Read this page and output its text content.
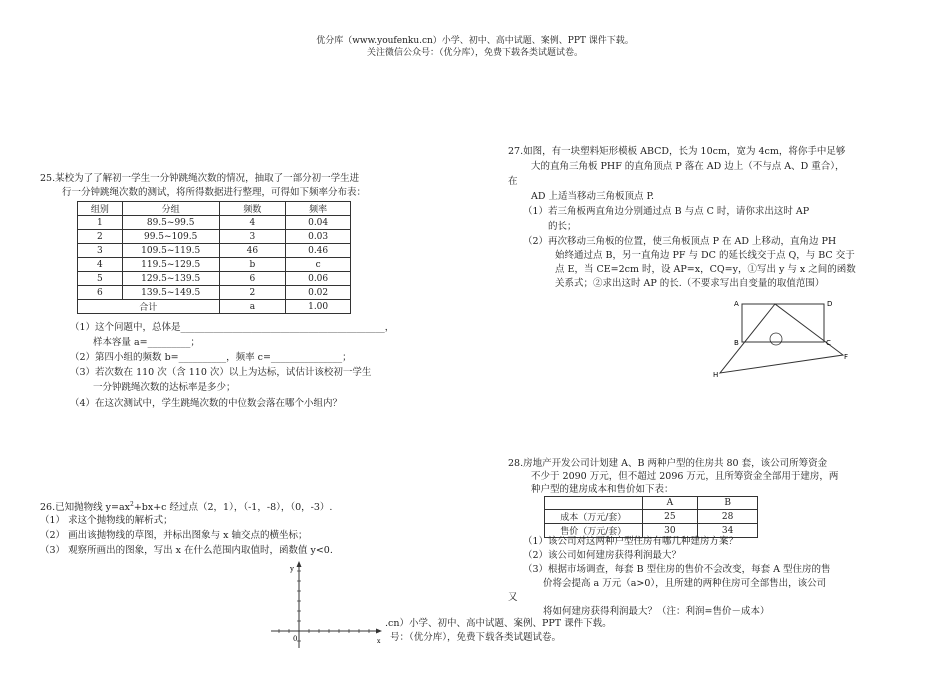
优分库（www.youfenku.cn）小学、初中、高中试题、案例、PPT 课件下载。
关注微信公众号：（优分库），免费下载各类试题试卷。
25.某校为了了解初一学生一分钟跳绳次数的情况，抽取了一部分初一学生进
行一分钟跳绳次数的测试，将所得数据进行整理，可得如下频率分布表：
组别	分组	频数	频率
1	89.5~99.5	4	0.04
2	99.5~109.5	3	0.03
3	109.5~119.5	46	0.46
4	119.5~129.5	b	c
5	129.5~139.5	6	0.06
6	139.5~149.5	2	0.02
合计		a	1.00
（1）这个问题中，总体是___________________________________________，
样本容量 a=_________；
（2）第四小组的频数 b=__________，频率 c=_______________；
（3）若次数在 110 次（含 110 次）以上为达标，试估计该校初一学生
一分钟跳绳次数的达标率是多少；
（4）在这次测试中，学生跳绳次数的中位数会落在哪个小组内？
26.已知抛物线 $y=ax^2+bx+c$ 经过点（2，1），（-1，-8），（0，-3）.
（1） 求这个抛物线的解析式；
（2） 画出该抛物线的草图，并标出图象与 x 轴交点的横坐标；
（3） 观察所画出的图象，写出 x 在什么范围内取值时，函数值 y<0.
y
x
0
.cn）小学、初中、高中试题、案例、PPT 课件下载。
号：（优分库），免费下载各类试题试卷。
27.如图，有一块塑料矩形模板 ABCD，长为 10cm，宽为 4cm，将你手中足够
大的直角三角板 PHF 的直角顶点 P 落在 AD 边上（不与点 A、D 重合），
在
AD 上适当移动三角板顶点 P.
（1）若三角板两直角边分别通过点 B 与点 C 时，请你求出这时 AP
的长；
（2）再次移动三角板的位置，使三角板顶点 P 在 AD 上移动，直角边 PH
始终通过点 B，另一直角边 PF 与 DC 的延长线交于点 Q，与 BC 交于
点 E，当 CE=2cm 时，设 AP=x，CQ=y，①写出 y 与 x 之间的函数
关系式；②求出这时 AP 的长.（不要求写出自变量的取值范围）
A	D
B	C
F
H
28.房地产开发公司计划建 A、B 两种户型的住房共 80 套，该公司所筹资金
不少于 2090 万元，但不超过 2096 万元，且所筹资金全部用于建房，两
种户型的建房成本和售价如下表：
	A	B
成本（万元/套）	25	28
售价（万元/套）	30	34
（1）该公司对这两种户型住房有哪几种建房方案？
（2）该公司如何建房获得利润最大？
（3）根据市场调查，每套 B 型住房的售价不会改变，每套 A 型住房的售
价将会提高 a 万元（a>0），且所建的两种住房可全部售出，该公司
又
将如何建房获得利润最大？（注：利润=售价－成本）
